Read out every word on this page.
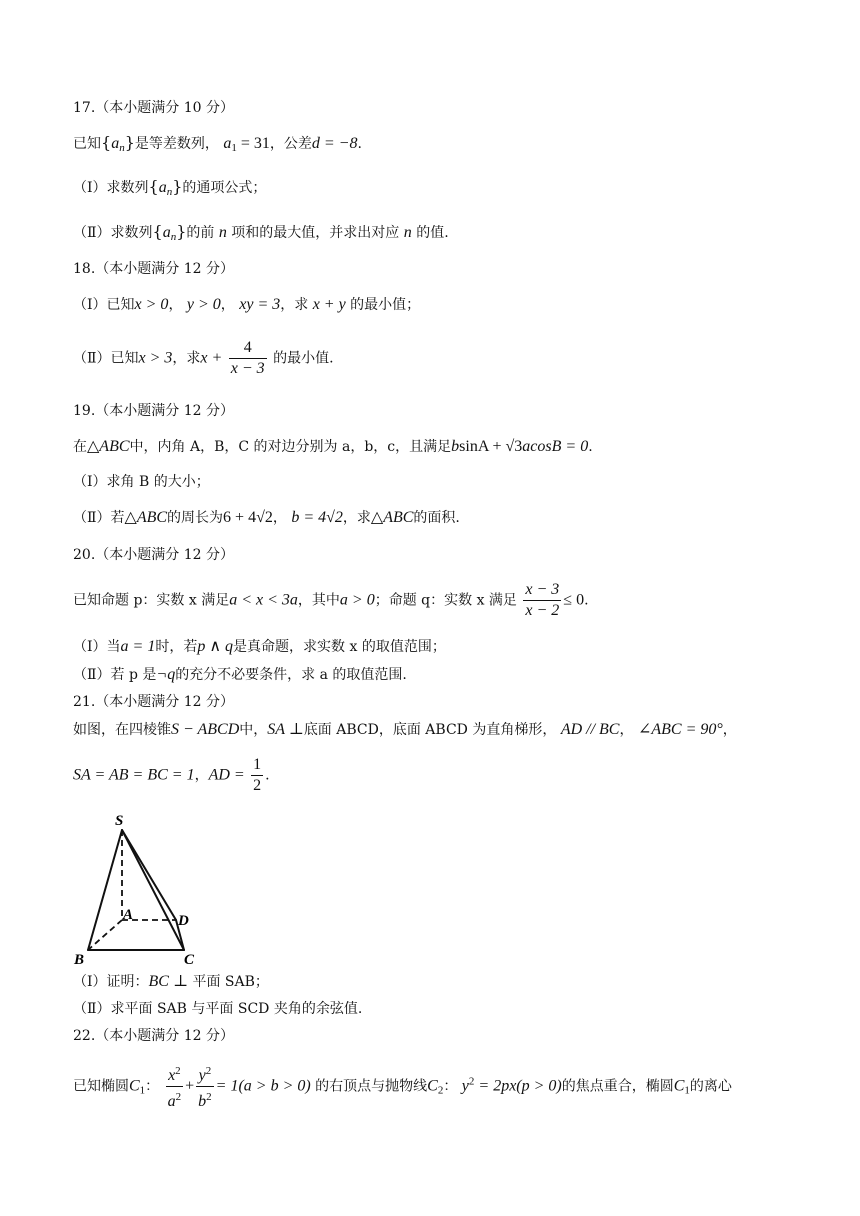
17.（本小题满分 10 分）
已知$\{a_n\}$是等差数列， $a_1 = 31$，公差d = −8.
（Ⅰ）求数列$\{a_n\}$的通项公式；
（Ⅱ）求数列$\{a_n\}$的前 n 项和的最大值，并求出对应 n 的值.
18.（本小题满分 12 分）
（Ⅰ）已知x > 0， y > 0， xy = 3，求 x + y 的最小值；
（Ⅱ）已知x > 3，求$x + \frac{4}{x - 3}$ 的最小值.
19.（本小题满分 12 分）
在△ABC中，内角 A，B，C 的对边分别为 a，b，c，且满足bsinA + √3acosB = 0.
（Ⅰ）求角 B 的大小；
（Ⅱ）若△ABC的周长为6 + 4√2， b = 4√2，求△ABC的面积.
20.（本小题满分 12 分）
已知命题 p：实数 x 满足a < x < 3a，其中a > 0；命题 q：实数 x 满足 $\frac{x - 3}{x - 2} \le 0$.
（Ⅰ）当a = 1时，若p ∧ q是真命题，求实数 x 的取值范围；
（Ⅱ）若 p 是¬q的充分不必要条件，求 a 的取值范围.
21.（本小题满分 12 分）
如图，在四棱锥S − ABCD中，SA ⊥底面 ABCD，底面 ABCD 为直角梯形， AD // BC， ∠ABC = 90°，
SA = AB = BC = 1，AD = $\frac{1}{2}$ .
S
A	D
B	C
（Ⅰ）证明：BC ⊥ 平面 SAB；
（Ⅱ）求平面 SAB 与平面 SCD 夹角的余弦值.
22.（本小题满分 12 分）
已知椭圆$C_1$： $\frac{x^2}{a^2} + \frac{y^2}{b^2} = 1(a > b > 0)$ 的右顶点与抛物线$C_2$： $y^2 = 2px(p > 0)$的焦点重合，椭圆$C_1$的离心
